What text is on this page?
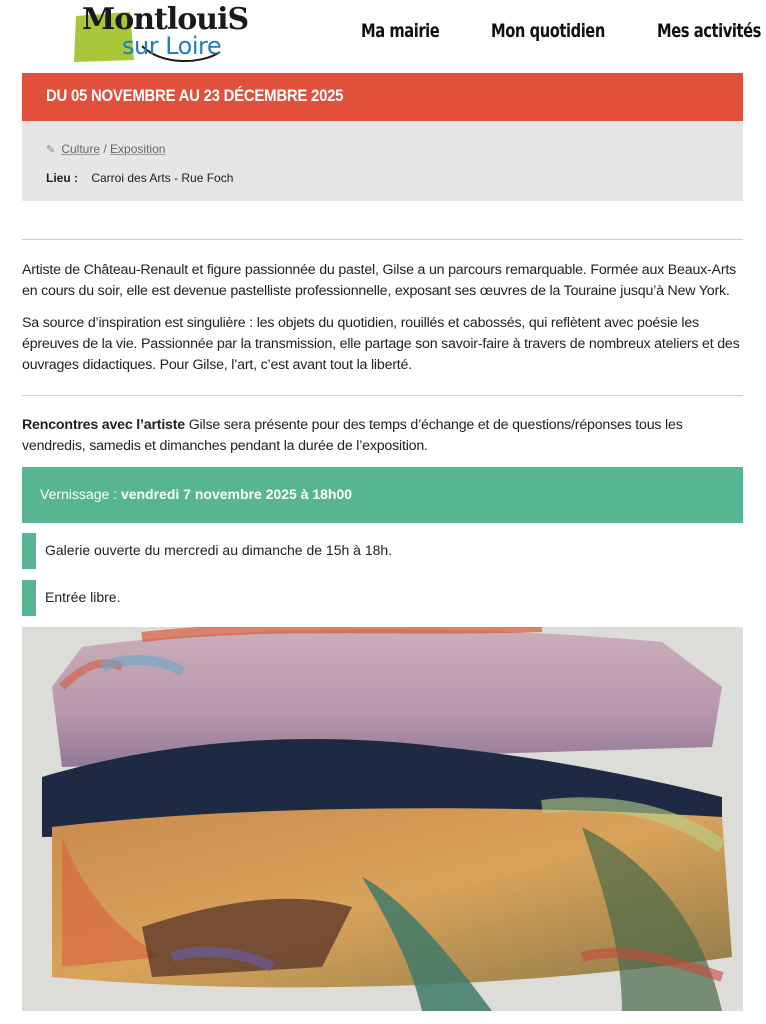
MontlouiS
sur Loire
Ma mairie	Mon quotidien	Mes activités
DU 05 NOVEMBRE AU 23 DÉCEMBRE 2025
✎ Culture / Exposition
Lieu : Carroi des Arts - Rue Foch

Artiste de Château-Renault et figure passionnée du pastel, Gilse a un parcours remarquable. Formée aux Beaux-Arts en cours du soir, elle est devenue pastelliste professionnelle, exposant ses œuvres de la Touraine jusqu’à New York.

Sa source d’inspiration est singulière : les objets du quotidien, rouillés et cabossés, qui reflètent avec poésie les épreuves de la vie. Passionnée par la transmission, elle partage son savoir-faire à travers de nombreux ateliers et des ouvrages didactiques. Pour Gilse, l’art, c’est avant tout la liberté.

Rencontres avec l’artiste Gilse sera présente pour des temps d’échange et de questions/réponses tous les vendredis, samedis et dimanches pendant la durée de l’exposition.

Vernissage : vendredi 7 novembre 2025 à 18h00
Galerie ouverte du mercredi au dimanche de 15h à 18h.
Entrée libre.
